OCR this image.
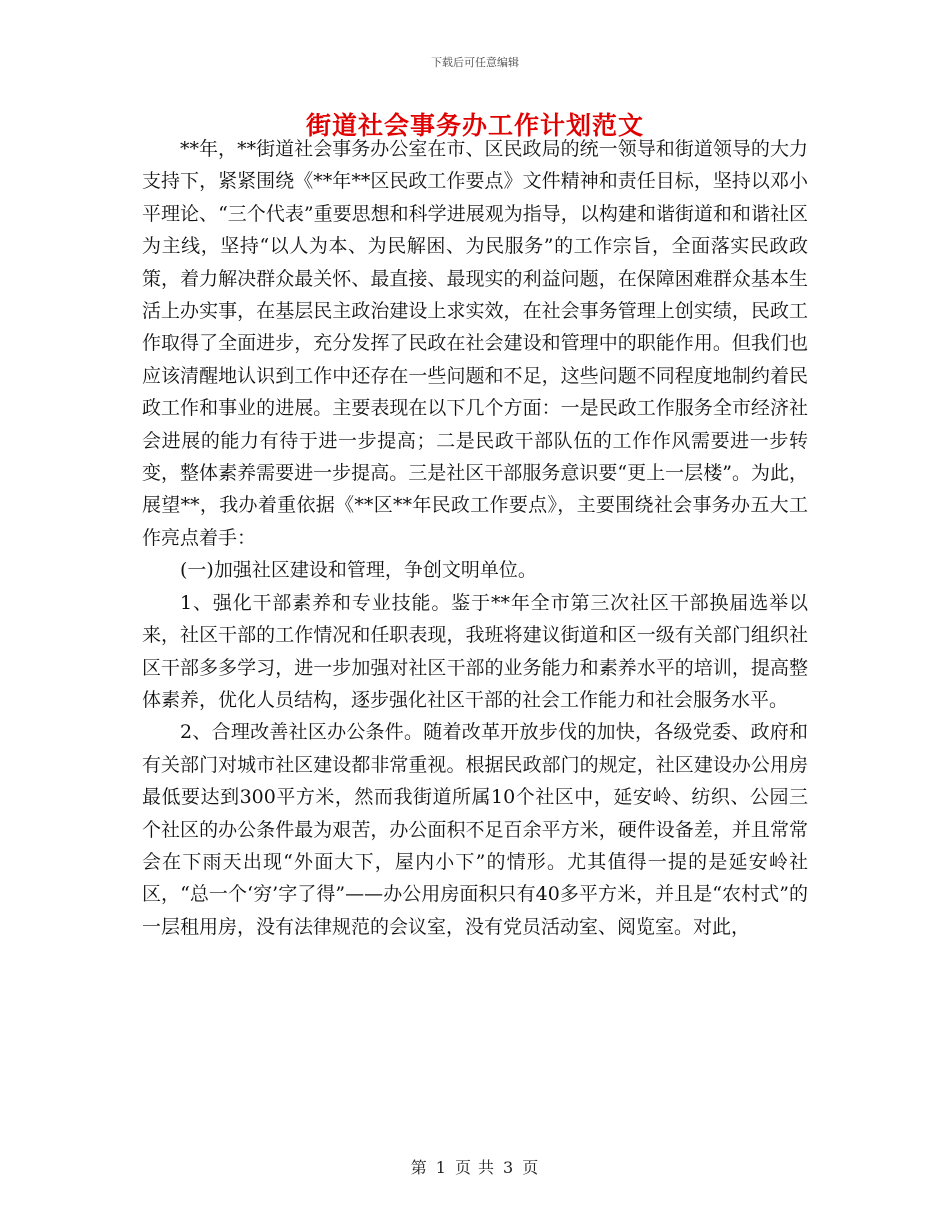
下载后可任意编辑
街道社会事务办工作计划范文

**年，**街道社会事务办公室在市、区民政局的统一领导和街道领导的大力支持下，紧紧围绕《**年**区民政工作要点》文件精神和责任目标，坚持以邓小平理论、“三个代表”重要思想和科学进展观为指导，以构建和谐街道和和谐社区为主线，坚持“以人为本、为民解困、为民服务”的工作宗旨，全面落实民政政策，着力解决群众最关怀、最直接、最现实的利益问题，在保障困难群众基本生活上办实事，在基层民主政治建设上求实效，在社会事务管理上创实绩，民政工作取得了全面进步，充分发挥了民政在社会建设和管理中的职能作用。但我们也应该清醒地认识到工作中还存在一些问题和不足，这些问题不同程度地制约着民政工作和事业的进展。主要表现在以下几个方面：一是民政工作服务全市经济社会进展的能力有待于进一步提高；二是民政干部队伍的工作作风需要进一步转变，整体素养需要进一步提高。三是社区干部服务意识要“更上一层楼”。为此，展望**，我办着重依据《**区**年民政工作要点》，主要围绕社会事务办五大工作亮点着手：

(一)加强社区建设和管理，争创文明单位。

1、强化干部素养和专业技能。鉴于**年全市第三次社区干部换届选举以来，社区干部的工作情况和任职表现，我班将建议街道和区一级有关部门组织社区干部多多学习，进一步加强对社区干部的业务能力和素养水平的培训，提高整体素养，优化人员结构，逐步强化社区干部的社会工作能力和社会服务水平。

2、合理改善社区办公条件。随着改革开放步伐的加快，各级党委、政府和有关部门对城市社区建设都非常重视。根据民政部门的规定，社区建设办公用房最低要达到300平方米，然而我街道所属10个社区中，延安岭、纺织、公园三个社区的办公条件最为艰苦，办公面积不足百余平方米，硬件设备差，并且常常会在下雨天出现“外面大下，屋内小下”的情形。尤其值得一提的是延安岭社区，“总一个‘穷’字了得”——办公用房面积只有40多平方米，并且是“农村式”的一层租用房，没有法律规范的会议室，没有党员活动室、阅览室。对此，

第 1 页 共 3 页
